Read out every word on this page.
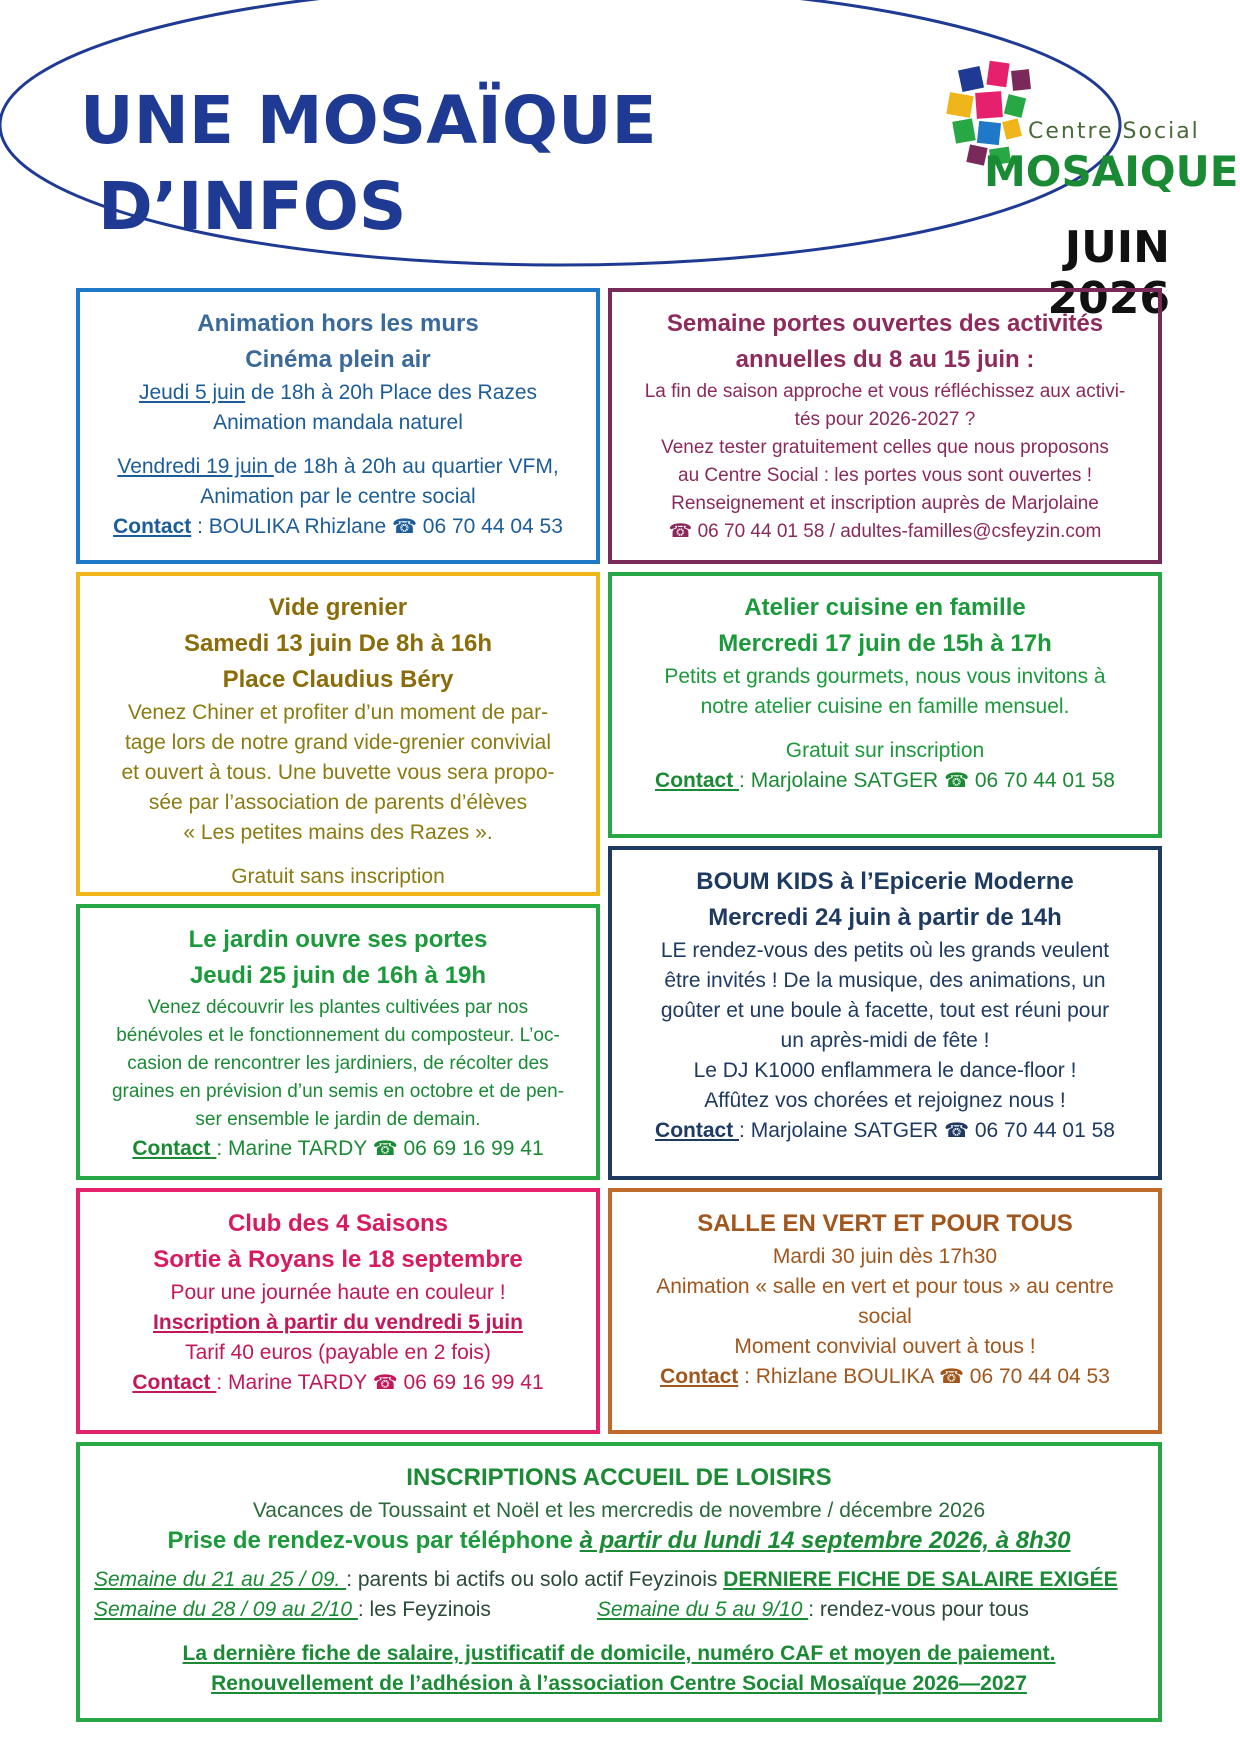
UNE MOSAÏQUE
D’INFOS
Centre Social
MOSAIQUE
JUIN 2026

Animation hors les murs

Cinéma plein air

Jeudi 5 juin de 18h à 20h Place des Razes

Animation mandala naturel

Vendredi 19 juin de 18h à 20h au quartier VFM,

Animation par le centre social

Contact : BOULIKA Rhizlane ☎ 06 70 44 04 53

Semaine portes ouvertes des activités

annuelles du 8 au 15 juin :

La fin de saison approche et vous réfléchissez aux activi-

tés pour 2026-2027 ?

Venez tester gratuitement celles que nous proposons

au Centre Social : les portes vous sont ouvertes !

Renseignement et inscription auprès de Marjolaine

☎ 06 70 44 01 58 / adultes-familles@csfeyzin.com

Vide grenier

Samedi 13 juin De 8h à 16h

Place Claudius Béry

Venez Chiner et profiter d’un moment de par-

tage lors de notre grand vide-grenier convivial

et ouvert à tous. Une buvette vous sera propo-

sée par l’association de parents d’élèves

« Les petites mains des Razes ».

Gratuit sans inscription

Atelier cuisine en famille

Mercredi 17 juin de 15h à 17h

Petits et grands gourmets, nous vous invitons à

notre atelier cuisine en famille mensuel.

Gratuit sur inscription

Contact : Marjolaine SATGER ☎ 06 70 44 01 58

BOUM KIDS à l’Epicerie Moderne

Mercredi 24 juin à partir de 14h

LE rendez-vous des petits où les grands veulent

être invités ! De la musique, des animations, un

goûter et une boule à facette, tout est réuni pour

un après-midi de fête !

Le DJ K1000 enflammera le dance-floor !

Affûtez vos chorées et rejoignez nous !

Contact : Marjolaine SATGER ☎ 06 70 44 01 58

Le jardin ouvre ses portes

Jeudi 25 juin de 16h à 19h

Venez découvrir les plantes cultivées par nos

bénévoles et le fonctionnement du composteur. L’oc-

casion de rencontrer les jardiniers, de récolter des

graines en prévision d’un semis en octobre et de pen-

ser ensemble le jardin de demain.

Contact : Marine TARDY ☎ 06 69 16 99 41

Club des 4 Saisons

Sortie à Royans le 18 septembre

Pour une journée haute en couleur !

Inscription à partir du vendredi 5 juin

Tarif 40 euros (payable en 2 fois)

Contact : Marine TARDY ☎ 06 69 16 99 41

SALLE EN VERT ET POUR TOUS

Mardi 30 juin dès 17h30

Animation « salle en vert et pour tous » au centre

social

Moment convivial ouvert à tous !

Contact : Rhizlane BOULIKA ☎ 06 70 44 04 53

INSCRIPTIONS ACCUEIL DE LOISIRS

Vacances de Toussaint et Noël et les mercredis de novembre / décembre 2026

Prise de rendez-vous par téléphone à partir du lundi 14 septembre 2026, à 8h30

Semaine du 21 au 25 / 09. : parents bi actifs ou solo actif Feyzinois DERNIERE FICHE DE SALAIRE EXIGÉE

Semaine du 28 / 09 au 2/10 : les Feyzinois	Semaine du 5 au 9/10 : rendez-vous pour tous

La dernière fiche de salaire, justificatif de domicile, numéro CAF et moyen de paiement.

Renouvellement de l’adhésion à l’association Centre Social Mosaïque 2026—2027
